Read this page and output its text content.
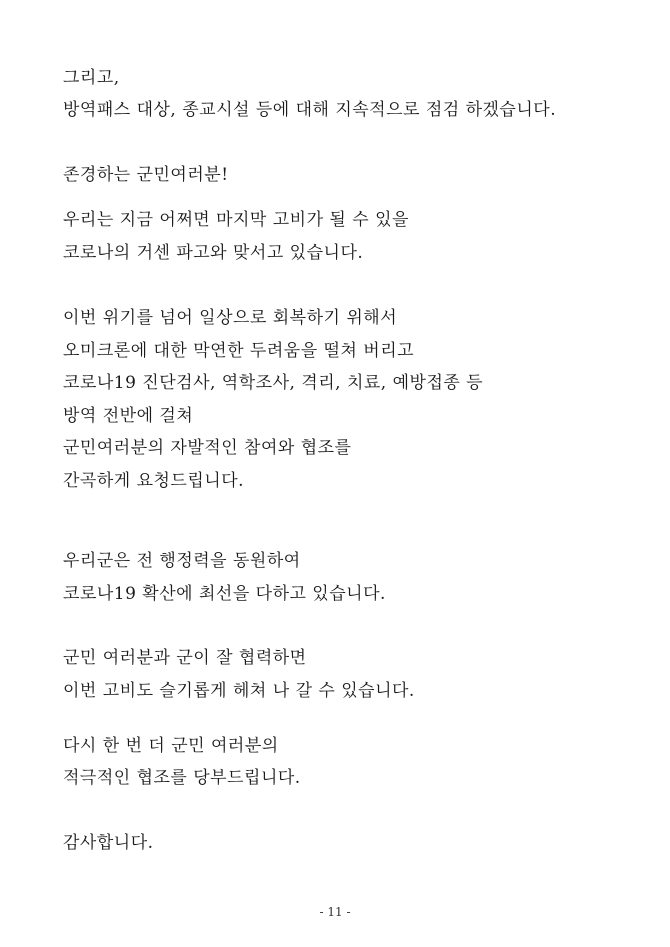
그리고,
방역패스 대상, 종교시설 등에 대해 지속적으로 점검 하겠습니다.
존경하는 군민여러분!
우리는 지금 어쩌면 마지막 고비가 될 수 있을
코로나의 거센 파고와 맞서고 있습니다.
이번 위기를 넘어 일상으로 회복하기 위해서
오미크론에 대한 막연한 두려움을 떨쳐 버리고
코로나19 진단검사, 역학조사, 격리, 치료, 예방접종 등
방역 전반에 걸쳐
군민여러분의 자발적인 참여와 협조를
간곡하게 요청드립니다.
우리군은 전 행정력을 동원하여
코로나19 확산에 최선을 다하고 있습니다.
군민 여러분과 군이 잘 협력하면
이번 고비도 슬기롭게 헤쳐 나 갈 수 있습니다.
다시 한 번 더 군민 여러분의
적극적인 협조를 당부드립니다.
감사합니다.
- 11 -
